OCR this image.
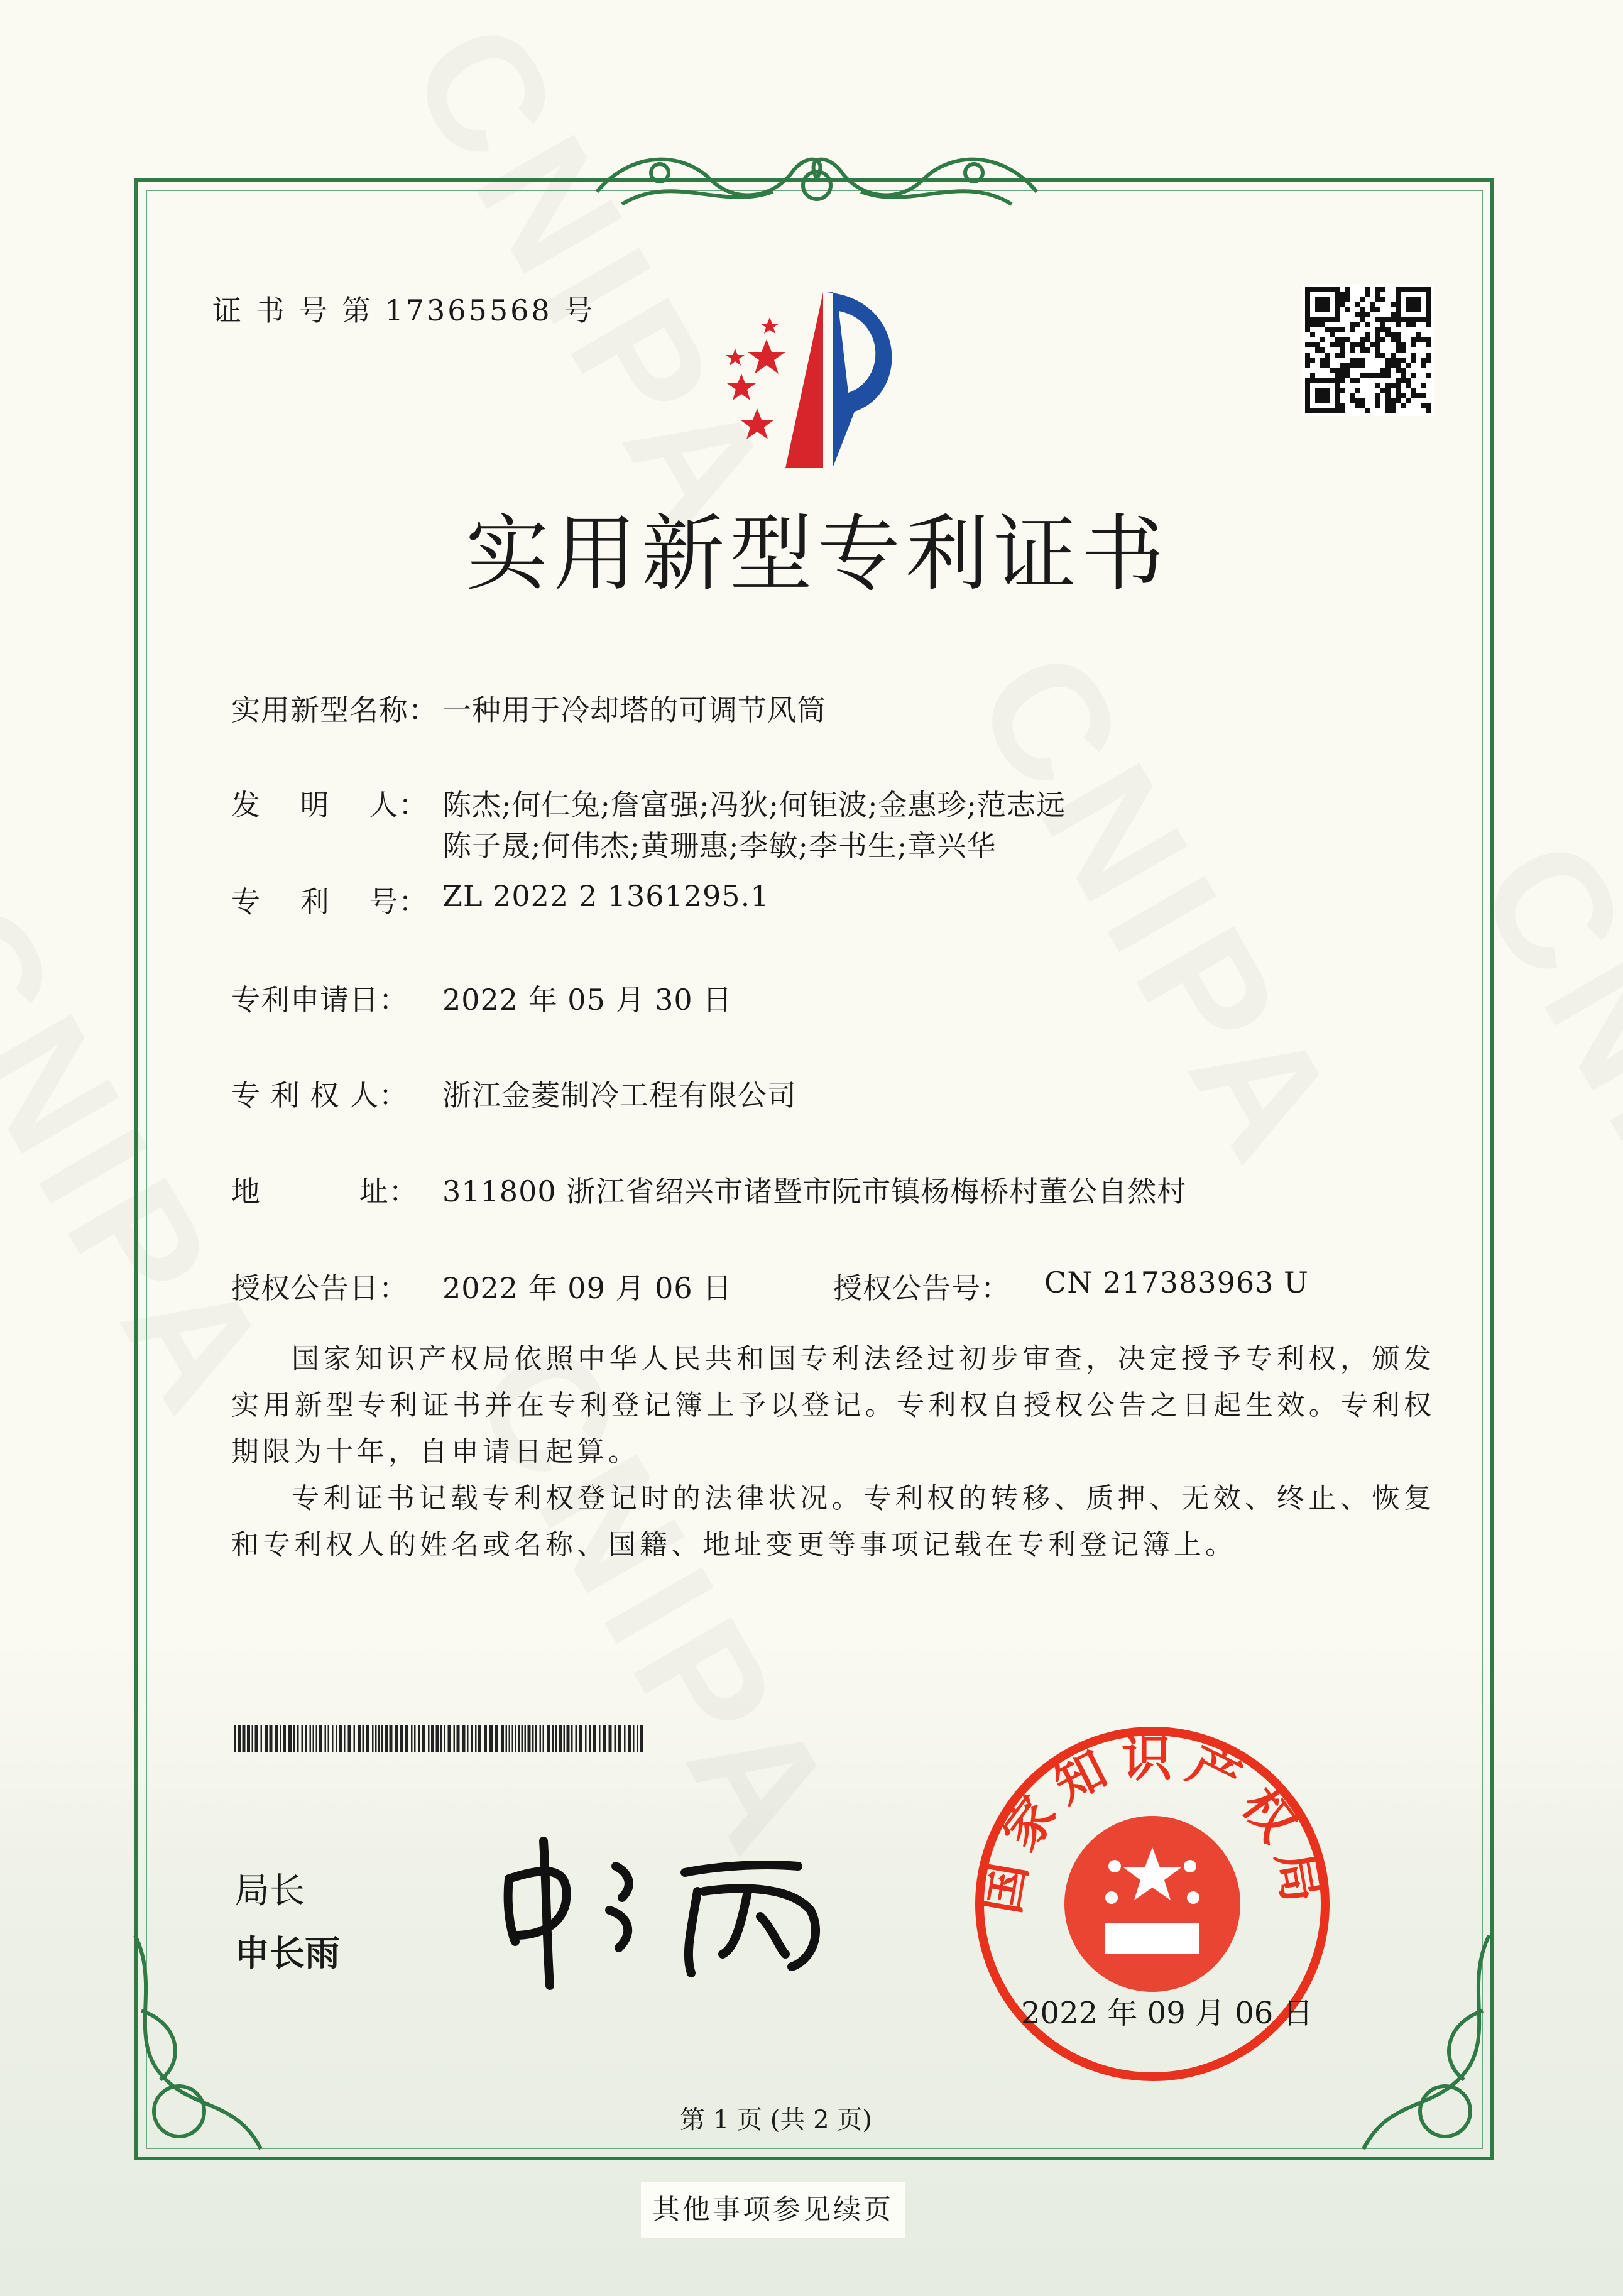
证 书 号 第 17365568 号
实用新型专利证书
实用新型名称： 一种用于冷却塔的可调节风筒
发　 明　 人： 陈杰;何仁兔;詹富强;冯狄;何钜波;金惠珍;范志远
陈子晟;何伟杰;黄珊惠;李敏;李书生;章兴华
专　 利　 号： ZL 2022 2 1361295.1
专利申请日： 2022 年 05 月 30 日
专 利 权 人： 浙江金菱制冷工程有限公司
地　　　 址： 311800 浙江省绍兴市诸暨市阮市镇杨梅桥村董公自然村
授权公告日： 2022 年 09 月 06 日	授权公告号： CN 217383963 U

国家知识产权局依照中华人民共和国专利法经过初步审查，决定授予专利权，颁发实用新型专利证书并在专利登记簿上予以登记。专利权自授权公告之日起生效。专利权期限为十年，自申请日起算。

专利证书记载专利权登记时的法律状况。专利权的转移、质押、无效、终止、恢复和专利权人的姓名或名称、国籍、地址变更等事项记载在专利登记簿上。

局长
申长雨
国家知识产权局
2022 年 09 月 06 日
第 1 页 (共 2 页)
其他事项参见续页
